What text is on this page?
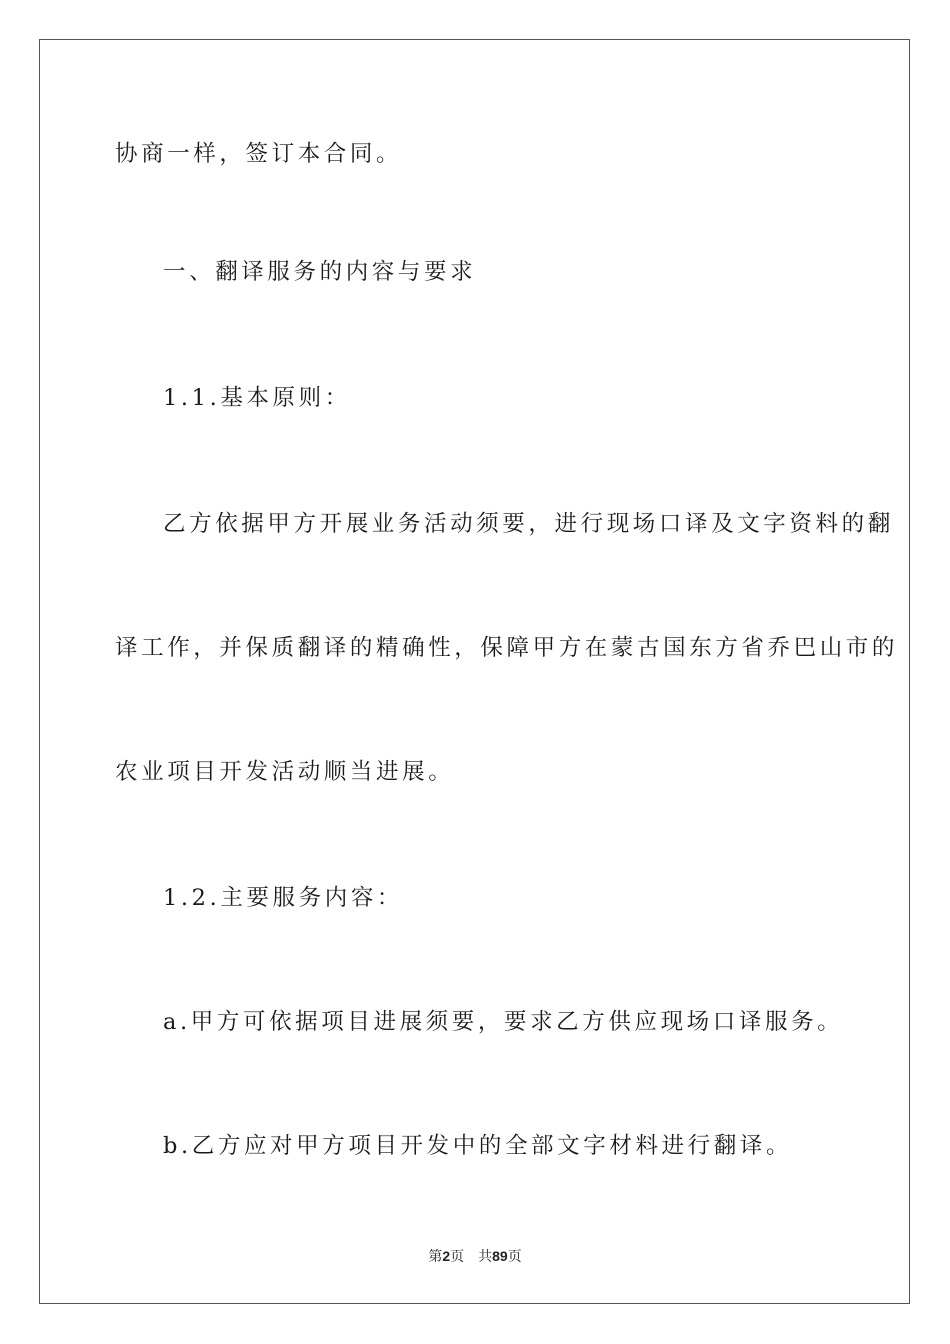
协商一样，签订本合同。
一、翻译服务的内容与要求
1.1.基本原则：
乙方依据甲方开展业务活动须要，进行现场口译及文字资料的翻
译工作，并保质翻译的精确性，保障甲方在蒙古国东方省乔巴山市的
农业项目开发活动顺当进展。
1.2.主要服务内容：
a.甲方可依据项目进展须要，要求乙方供应现场口译服务。
b.乙方应对甲方项目开发中的全部文字材料进行翻译。
第2页 共89页
